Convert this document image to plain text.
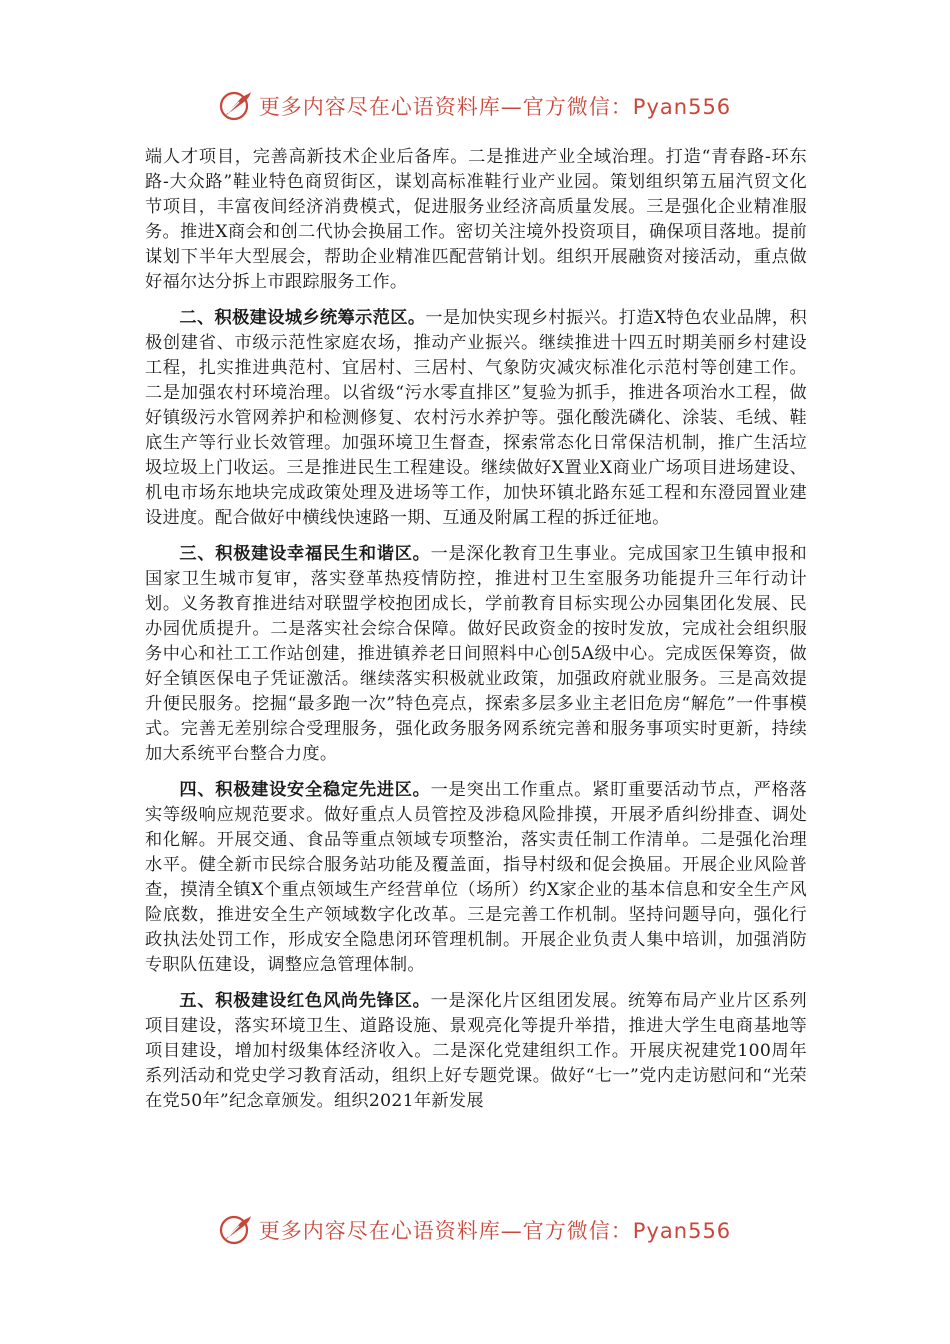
更多内容尽在心语资料库—官方微信：Pyan556

端人才项目，完善高新技术企业后备库。二是推进产业全域治理。打造“青春路-环东路-大众路”鞋业特色商贸街区，谋划高标准鞋行业产业园。策划组织第五届汽贸文化节项目，丰富夜间经济消费模式，促进服务业经济高质量发展。三是强化企业精准服务。推进X商会和创二代协会换届工作。密切关注境外投资项目，确保项目落地。提前谋划下半年大型展会，帮助企业精准匹配营销计划。组织开展融资对接活动，重点做好福尔达分拆上市跟踪服务工作。

二、积极建设城乡统筹示范区。一是加快实现乡村振兴。打造X特色农业品牌，积极创建省、市级示范性家庭农场，推动产业振兴。继续推进十四五时期美丽乡村建设工程，扎实推进典范村、宜居村、三居村、气象防灾减灾标准化示范村等创建工作。二是加强农村环境治理。以省级“污水零直排区”复验为抓手，推进各项治水工程，做好镇级污水管网养护和检测修复、农村污水养护等。强化酸洗磷化、涂装、毛绒、鞋底生产等行业长效管理。加强环境卫生督查，探索常态化日常保洁机制，推广生活垃圾垃圾上门收运。三是推进民生工程建设。继续做好X置业X商业广场项目进场建设、机电市场东地块完成政策处理及进场等工作，加快环镇北路东延工程和东澄园置业建设进度。配合做好中横线快速路一期、互通及附属工程的拆迁征地。

三、积极建设幸福民生和谐区。一是深化教育卫生事业。完成国家卫生镇申报和国家卫生城市复审，落实登革热疫情防控，推进村卫生室服务功能提升三年行动计划。义务教育推进结对联盟学校抱团成长，学前教育目标实现公办园集团化发展、民办园优质提升。二是落实社会综合保障。做好民政资金的按时发放，完成社会组织服务中心和社工工作站创建，推进镇养老日间照料中心创5A级中心。完成医保筹资，做好全镇医保电子凭证激活。继续落实积极就业政策，加强政府就业服务。三是高效提升便民服务。挖掘“最多跑一次”特色亮点，探索多层多业主老旧危房“解危”一件事模式。完善无差别综合受理服务，强化政务服务网系统完善和服务事项实时更新，持续加大系统平台整合力度。

四、积极建设安全稳定先进区。一是突出工作重点。紧盯重要活动节点，严格落实等级响应规范要求。做好重点人员管控及涉稳风险排摸，开展矛盾纠纷排查、调处和化解。开展交通、食品等重点领域专项整治，落实责任制工作清单。二是强化治理水平。健全新市民综合服务站功能及覆盖面，指导村级和促会换届。开展企业风险普查，摸清全镇X个重点领域生产经营单位（场所）约X家企业的基本信息和安全生产风险底数，推进安全生产领域数字化改革。三是完善工作机制。坚持问题导向，强化行政执法处罚工作，形成安全隐患闭环管理机制。开展企业负责人集中培训，加强消防专职队伍建设，调整应急管理体制。

五、积极建设红色风尚先锋区。一是深化片区组团发展。统筹布局产业片区系列项目建设，落实环境卫生、道路设施、景观亮化等提升举措，推进大学生电商基地等项目建设，增加村级集体经济收入。二是深化党建组织工作。开展庆祝建党100周年系列活动和党史学习教育活动，组织上好专题党课。做好“七一”党内走访慰问和“光荣在党50年”纪念章颁发。组织2021年新发展

更多内容尽在心语资料库—官方微信：Pyan556
